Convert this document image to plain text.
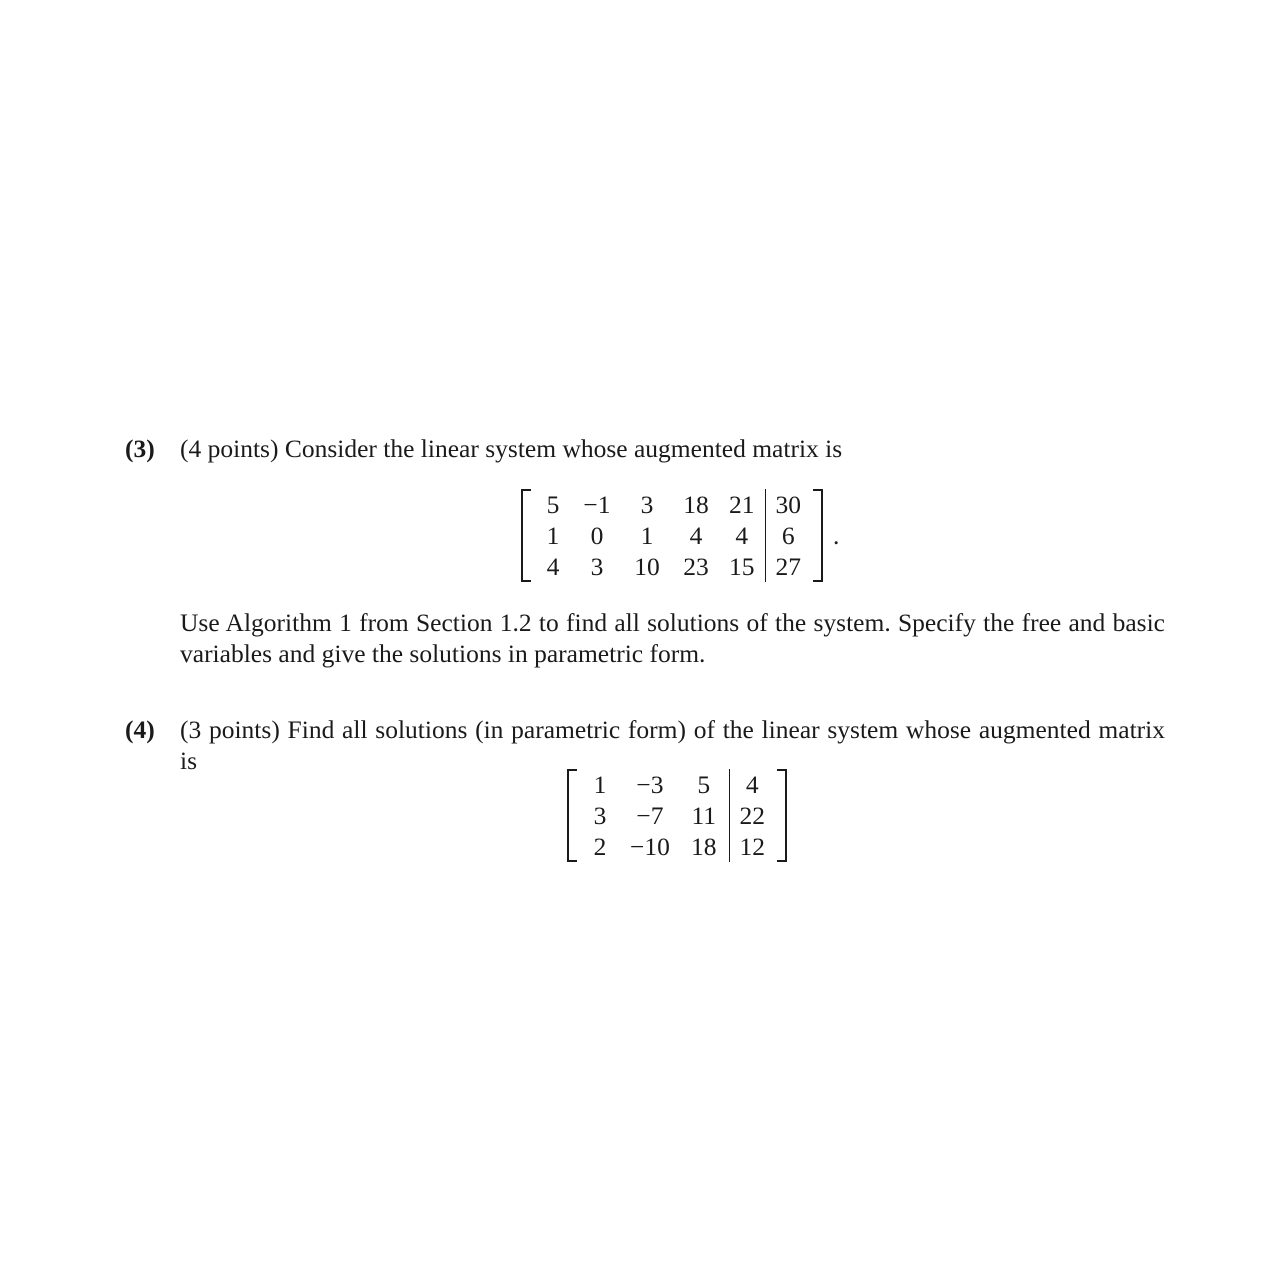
(3) (4 points) Consider the linear system whose augmented matrix is
5	−1	3	18	21	30
1	0	1	4	4	6
4	3	10	23	15	27
.
Use Algorithm 1 from Section 1.2 to find all solutions of the system. Specify the free and basic variables and give the solutions in parametric form.
(4) (3 points) Find all solutions (in parametric form) of the linear system whose augmented matrix is
1	−3	5	4
3	−7	11	22
2	−10	18	12
